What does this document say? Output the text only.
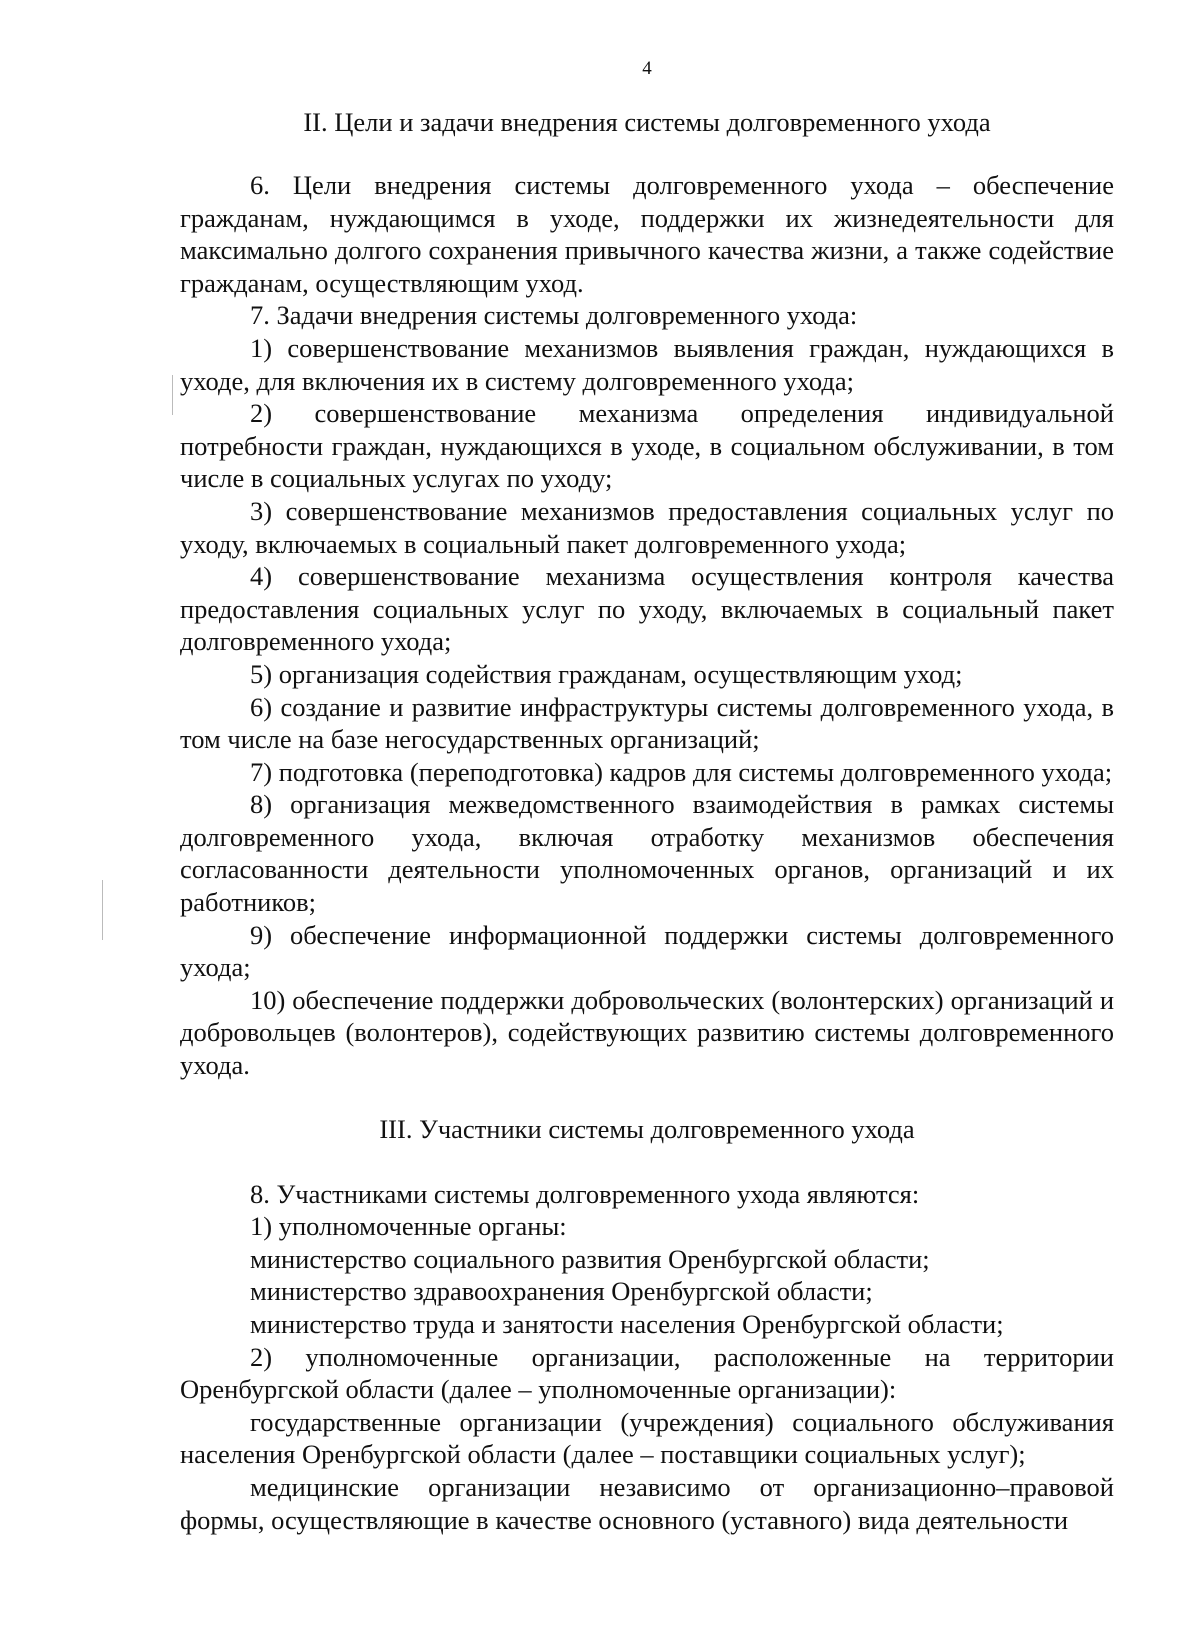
4
II. Цели и задачи внедрения системы долговременного ухода

6. Цели внедрения системы долговременного ухода – обеспечение гражданам, нуждающимся в уходе, поддержки их жизнедеятельности для максимально долгого сохранения привычного качества жизни, а также содействие гражданам, осуществляющим уход.

7. Задачи внедрения системы долговременного ухода:

1) совершенствование механизмов выявления граждан, нуждающихся в уходе, для включения их в систему долговременного ухода;

2) совершенствование механизма определения индивидуальной потребности граждан, нуждающихся в уходе, в социальном обслуживании, в том числе в социальных услугах по уходу;

3) совершенствование механизмов предоставления социальных услуг по уходу, включаемых в социальный пакет долговременного ухода;

4) совершенствование механизма осуществления контроля качества предоставления социальных услуг по уходу, включаемых в социальный пакет долговременного ухода;

5) организация содействия гражданам, осуществляющим уход;

6) создание и развитие инфраструктуры системы долговременного ухода, в том числе на базе негосударственных организаций;

7) подготовка (переподготовка) кадров для системы долговременного ухода;

8) организация межведомственного взаимодействия в рамках системы долговременного ухода, включая отработку механизмов обеспечения согласованности деятельности уполномоченных органов, организаций и их работников;

9) обеспечение информационной поддержки системы долговременного ухода;

10) обеспечение поддержки добровольческих (волонтерских) организаций и добровольцев (волонтеров), содействующих развитию системы долговременного ухода.

III. Участники системы долговременного ухода

8. Участниками системы долговременного ухода являются:

1) уполномоченные органы:

министерство социального развития Оренбургской области;

министерство здравоохранения Оренбургской области;

министерство труда и занятости населения Оренбургской области;

2) уполномоченные организации, расположенные на территории Оренбургской области (далее – уполномоченные организации):

государственные организации (учреждения) социального обслуживания населения Оренбургской области (далее – поставщики социальных услуг);

медицинские организации независимо от организационно–правовой формы, осуществляющие в качестве основного (уставного) вида деятельности
